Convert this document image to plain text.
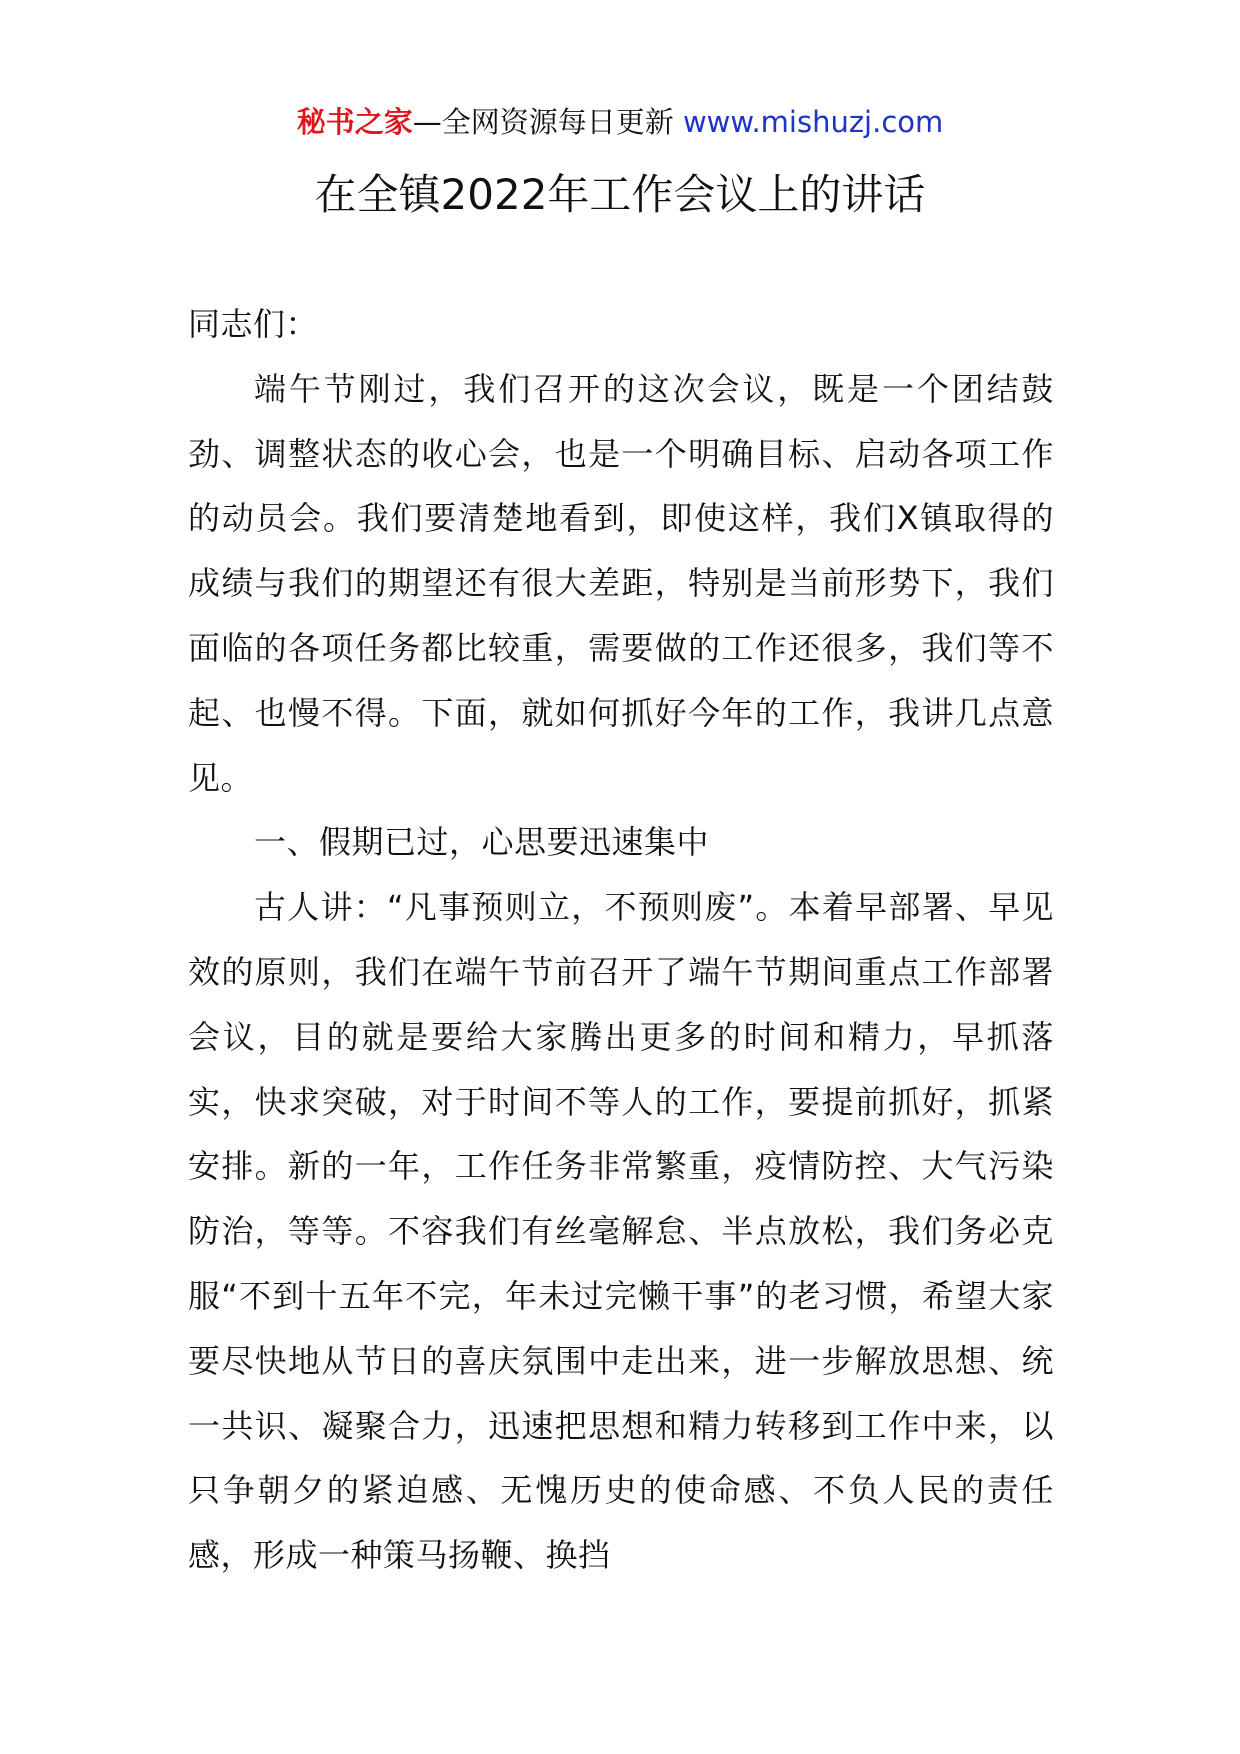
秘书之家—全网资源每日更新 www.mishuzj.com
在全镇2022年工作会议上的讲话

同志们：

端午节刚过，我们召开的这次会议，既是一个团结鼓劲、调整状态的收心会，也是一个明确目标、启动各项工作的动员会。我们要清楚地看到，即使这样，我们X镇取得的成绩与我们的期望还有很大差距，特别是当前形势下，我们面临的各项任务都比较重，需要做的工作还很多，我们等不起、也慢不得。下面，就如何抓好今年的工作，我讲几点意见。

一、假期已过，心思要迅速集中

古人讲：“凡事预则立，不预则废”。本着早部署、早见效的原则，我们在端午节前召开了端午节期间重点工作部署会议，目的就是要给大家腾出更多的时间和精力，早抓落实，快求突破，对于时间不等人的工作，要提前抓好，抓紧安排。新的一年，工作任务非常繁重，疫情防控、大气污染防治，等等。不容我们有丝毫解怠、半点放松，我们务必克服“不到十五年不完，年未过完懒干事”的老习惯，希望大家要尽快地从节日的喜庆氛围中走出来，进一步解放思想、统一共识、凝聚合力，迅速把思想和精力转移到工作中来，以只争朝夕的紧迫感、无愧历史的使命感、不负人民的责任感，形成一种策马扬鞭、换挡
